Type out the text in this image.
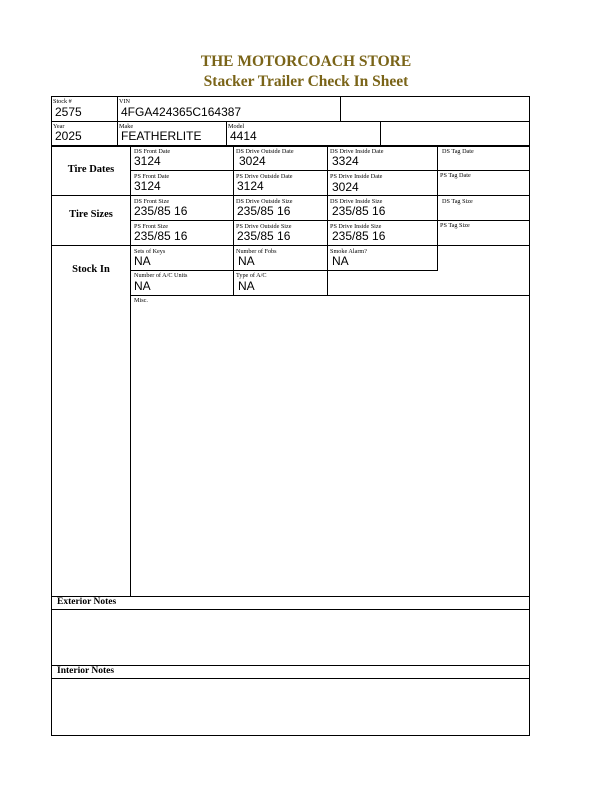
THE MOTORCOACH STORE
Stacker Trailer Check In Sheet
Stock #
2575
VIN
4FGA424365C164387
Year
2025
Make
FEATHERLITE
Model
4414
Tire Dates
DS Front Date
3124
DS Drive Outside Date
3024
DS Drive Inside Date
3324
DS Tag Date
PS Front Date
3124
PS Drive Outside Date
3124
PS Drive Inside Date
3024
PS Tag Date
Tire Sizes
DS Front Size
235/85 16
DS Drive Outside Size
235/85 16
DS Drive Inside Size
235/85 16
DS Tag Size
PS Front Size
235/85 16
PS Drive Outside Size
235/85 16
PS Drive Inside Size
235/85 16
PS Tag Size
Stock In
Sets of Keys
NA
Number of Fobs
NA
Smoke Alarm?
NA
Number of A/C Units
NA
Type of A/C
NA
Misc.
Exterior Notes
Interior Notes
